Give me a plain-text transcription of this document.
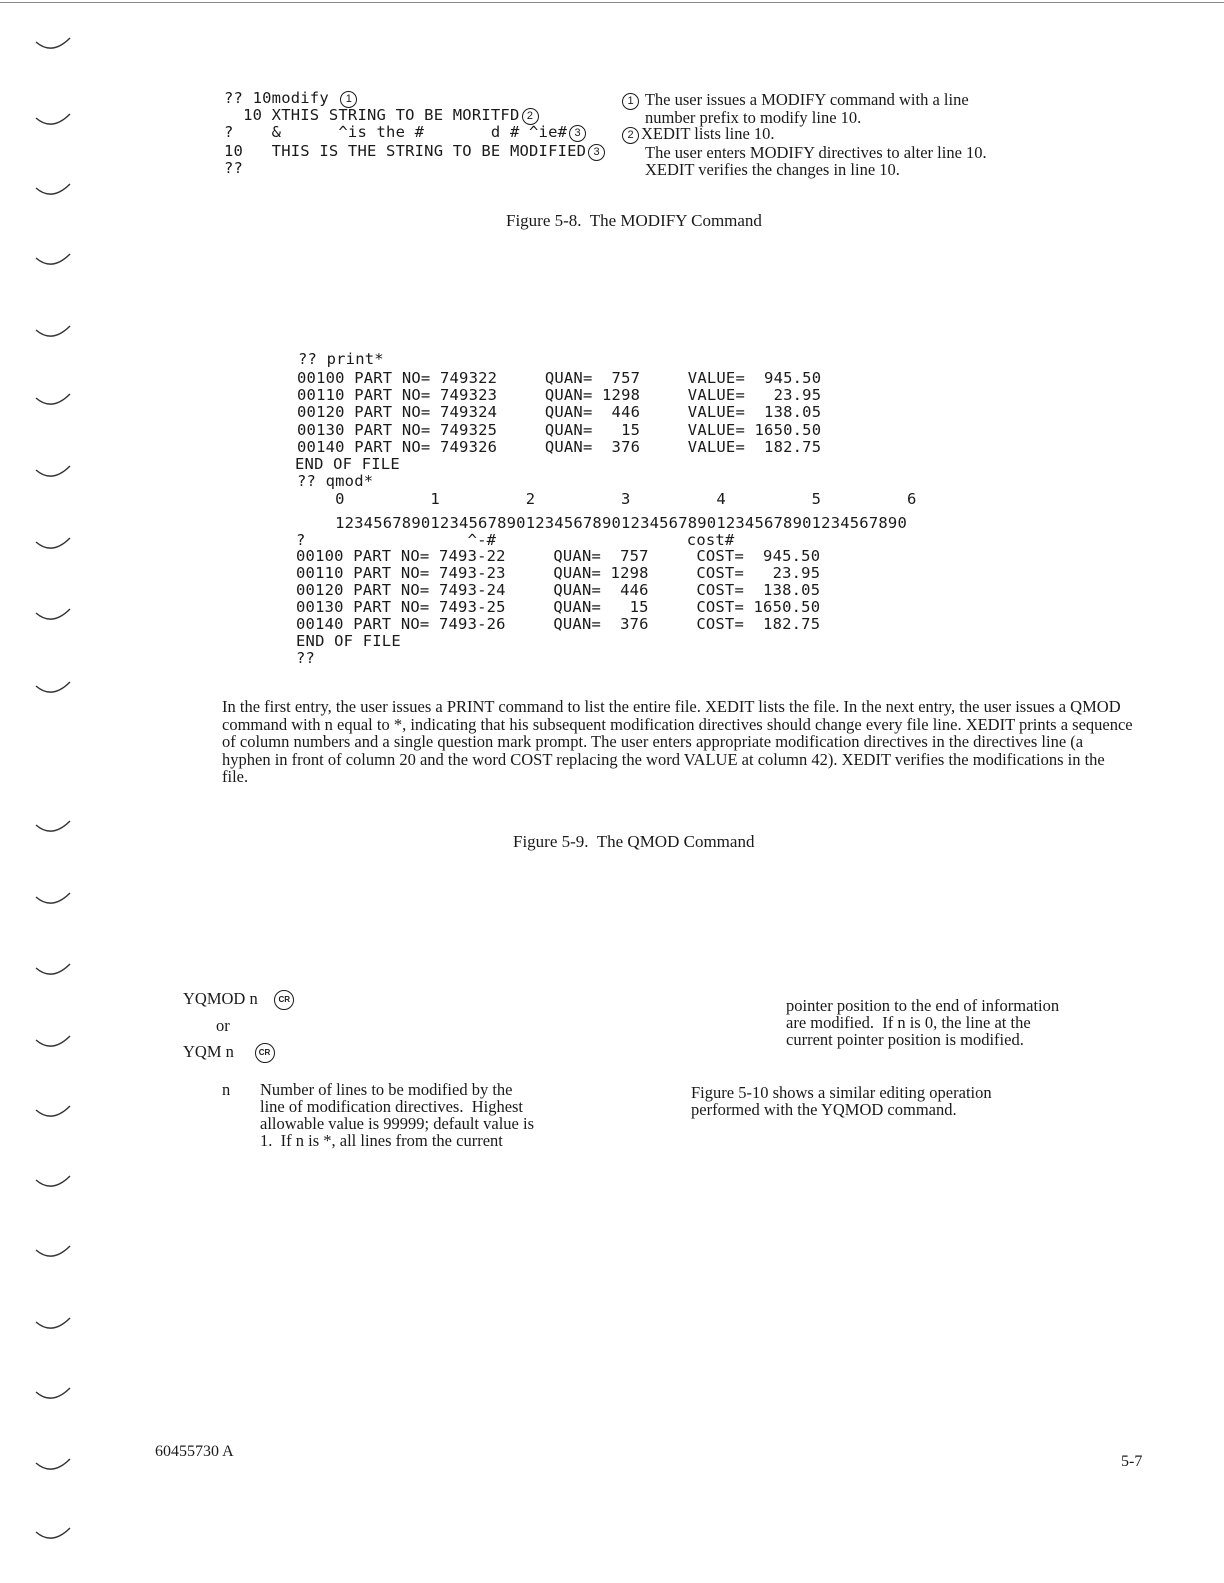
?? 10modify 1
10 XTHIS STRING TO BE MORITFD 2
?    &      ^is the #       d # ^ie# 3
10   THIS IS THE STRING TO BE MODIFIED 3
??
1 The user issues a MODIFY command with a line
number prefix to modify line 10.
2 XEDIT lists line 10.
The user enters MODIFY directives to alter line 10.
XEDIT verifies the changes in line 10.
Figure 5-8.  The MODIFY Command
?? print*
00100 PART NO= 749322     QUAN=  757     VALUE=  945.50
00110 PART NO= 749323     QUAN= 1298     VALUE=   23.95
00120 PART NO= 749324     QUAN=  446     VALUE=  138.05
00130 PART NO= 749325     QUAN=   15     VALUE= 1650.50
00140 PART NO= 749326     QUAN=  376     VALUE=  182.75
END OF FILE
?? qmod*
0         1         2         3         4         5         6
123456789012345678901234567890123456789012345678901234567890
?                 ^-#                    cost#
00100 PART NO= 7493-22     QUAN=  757     COST=  945.50
00110 PART NO= 7493-23     QUAN= 1298     COST=   23.95
00120 PART NO= 7493-24     QUAN=  446     COST=  138.05
00130 PART NO= 7493-25     QUAN=   15     COST= 1650.50
00140 PART NO= 7493-26     QUAN=  376     COST=  182.75
END OF FILE
??
In the first entry, the user issues a PRINT command to list the entire file. XEDIT lists the file. In the next entry, the user issues a QMOD command with n equal to *, indicating that his subsequent modification directives should change every file line. XEDIT prints a sequence of column numbers and a single question mark prompt. The user enters appropriate modification directives in the directives line (a hyphen in front of column 20 and the word COST replacing the word VALUE at column 42). XEDIT verifies the modifications in the file.
Figure 5-9.  The QMOD Command
YQMOD n	CR
or
YQM n	CR
n Number of lines to be modified by the
line of modification directives.  Highest
allowable value is 99999; default value is
1.  If n is *, all lines from the current
pointer position to the end of information
are modified.  If n is 0, the line at the
current pointer position is modified.
Figure 5-10 shows a similar editing operation
performed with the YQMOD command.
60455730 A
5-7
